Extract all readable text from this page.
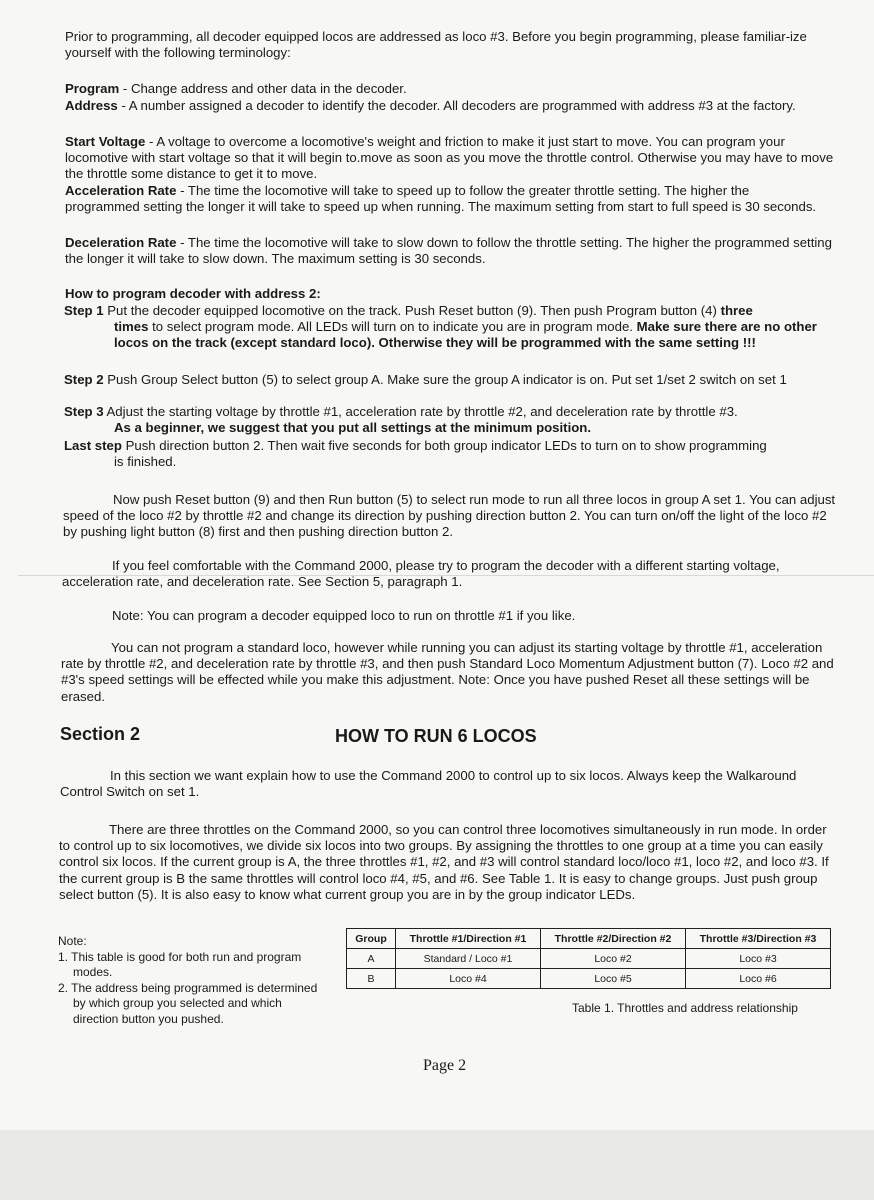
Prior to programming, all decoder equipped locos are addressed as loco #3. Before you begin programming, please familiar-ize yourself with the following terminology:

Program - Change address and other data in the decoder.
Address - A number assigned a decoder to identify the decoder. All decoders are programmed with address #3 at the factory.
Start Voltage - A voltage to overcome a locomotive's weight and friction to make it just start to move. You can program your locomotive with start voltage so that it will begin to.move as soon as you move the throttle control. Otherwise you may have to move the throttle some distance to get it to move.
Acceleration Rate - The time the locomotive will take to speed up to follow the greater throttle setting. The higher the programmed setting the longer it will take to speed up when running. The maximum setting from start to full speed is 30 seconds.
Deceleration Rate - The time the locomotive will take to slow down to follow the throttle setting. The higher the programmed setting the longer it will take to slow down. The maximum setting is 30 seconds.
How to program decoder with address 2:
Step 1 Put the decoder equipped locomotive on the track. Push Reset button (9). Then push Program button (4) three
times to select program mode. All LEDs will turn on to indicate you are in program mode. Make sure there are no other locos on the track (except standard loco). Otherwise they will be programmed with the same setting !!!
Step 2 Push Group Select button (5) to select group A. Make sure the group A indicator is on. Put set 1/set 2 switch on set 1
Step 3 Adjust the starting voltage by throttle #1, acceleration rate by throttle #2, and deceleration rate by throttle #3.
As a beginner, we suggest that you put all settings at the minimum position.
Last step Push direction button 2. Then wait five seconds for both group indicator LEDs to turn on to show programming
is finished.

Now push Reset button (9) and then Run button (5) to select run mode to run all three locos in group A set 1. You can adjust speed of the loco #2 by throttle #2 and change its direction by pushing direction button 2. You can turn on/off the light of the loco #2 by pushing light button (8) first and then pushing direction button 2.

If you feel comfortable with the Command 2000, please try to program the decoder with a different starting voltage, acceleration rate, and deceleration rate. See Section 5, paragraph 1.

Note: You can program a decoder equipped loco to run on throttle #1 if you like.

You can not program a standard loco, however while running you can adjust its starting voltage by throttle #1, acceleration rate by throttle #2, and deceleration rate by throttle #3, and then push Standard Loco Momentum Adjustment button (7). Loco #2 and #3's speed settings will be effected while you make this adjustment. Note: Once you have pushed Reset all these settings will be erased.

Section 2	HOW TO RUN 6 LOCOS

In this section we want explain how to use the Command 2000 to control up to six locos. Always keep the Walkaround Control Switch on set 1.

There are three throttles on the Command 2000, so you can control three locomotives simultaneously in run mode. In order to control up to six locomotives, we divide six locos into two groups. By assigning the throttles to one group at a time you can easily control six locos. If the current group is A, the three throttles #1, #2, and #3 will control standard loco/loco #1, loco #2, and loco #3. If the current group is B the same throttles will control loco #4, #5, and #6. See Table 1. It is easy to change groups. Just push group select button (5). It is also easy to know what current group you are in by the group indicator LEDs.

Note:
1. This table is good for both run and program modes.
2. The address being programmed is determined by which group you selected and which direction button you pushed.
Group	Throttle #1/Direction #1	Throttle #2/Direction #2	Throttle #3/Direction #3
A	Standard / Loco #1	Loco #2	Loco #3
B	Loco #4	Loco #5	Loco #6
Table 1. Throttles and address relationship
Page 2
